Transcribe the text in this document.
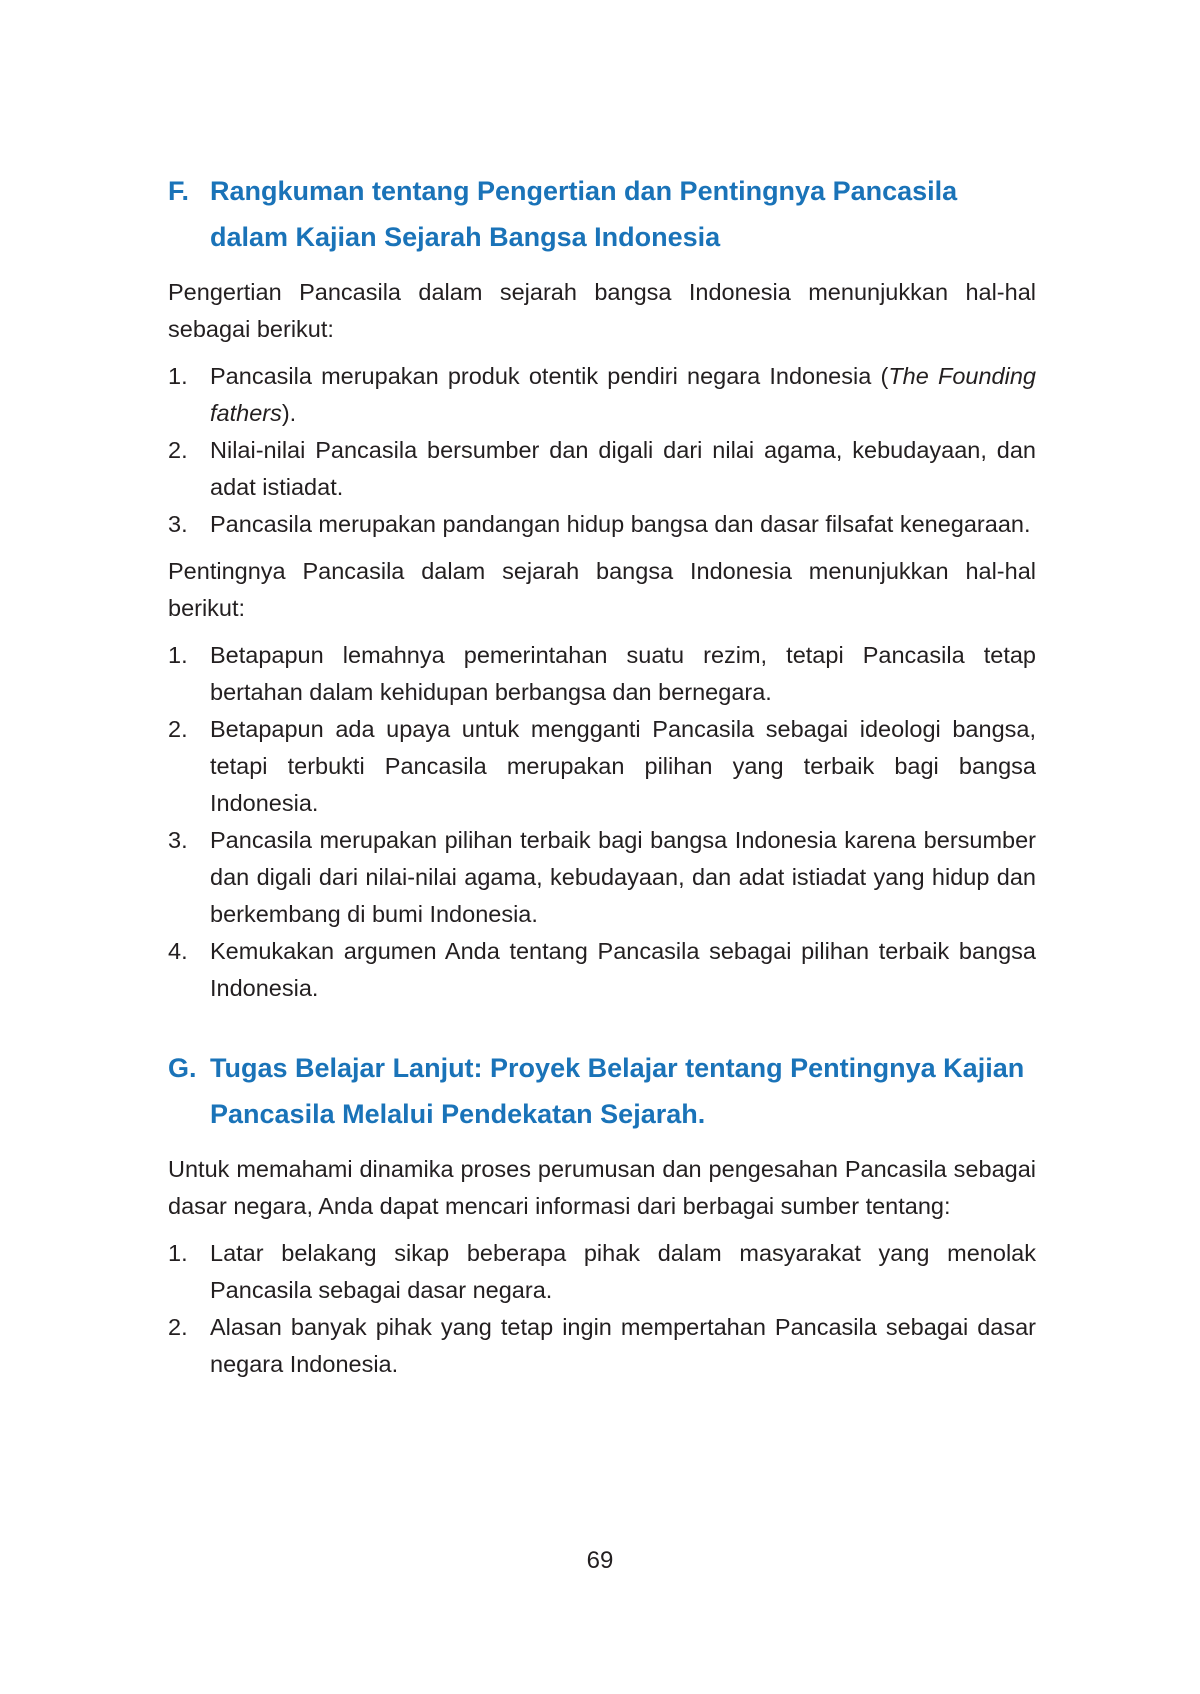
F. Rangkuman tentang Pengertian dan Pentingnya Pancasila
dalam Kajian Sejarah Bangsa Indonesia

Pengertian Pancasila dalam sejarah bangsa Indonesia menunjukkan hal-hal sebagai berikut:

1. Pancasila merupakan produk otentik pendiri negara Indonesia (The Founding fathers).
2. Nilai-nilai Pancasila bersumber dan digali dari nilai agama, kebudayaan, dan adat istiadat.
3. Pancasila merupakan pandangan hidup bangsa dan dasar filsafat kenegaraan.

Pentingnya Pancasila dalam sejarah bangsa Indonesia menunjukkan hal-hal berikut:

1. Betapapun lemahnya pemerintahan suatu rezim, tetapi Pancasila tetap bertahan dalam kehidupan berbangsa dan bernegara.
2. Betapapun ada upaya untuk mengganti Pancasila sebagai ideologi bangsa, tetapi terbukti Pancasila merupakan pilihan yang terbaik bagi bangsa Indonesia.
3. Pancasila merupakan pilihan terbaik bagi bangsa Indonesia karena bersumber dan digali dari nilai-nilai agama, kebudayaan, dan adat istiadat yang hidup dan berkembang di bumi Indonesia.
4. Kemukakan argumen Anda tentang Pancasila sebagai pilihan terbaik bangsa Indonesia.
G. Tugas Belajar Lanjut: Proyek Belajar tentang Pentingnya Kajian
Pancasila Melalui Pendekatan Sejarah.

Untuk memahami dinamika proses perumusan dan pengesahan Pancasila sebagai dasar negara, Anda dapat mencari informasi dari berbagai sumber tentang:

1. Latar belakang sikap beberapa pihak dalam masyarakat yang menolak Pancasila sebagai dasar negara.
2. Alasan banyak pihak yang tetap ingin mempertahan Pancasila sebagai dasar negara Indonesia.
69
